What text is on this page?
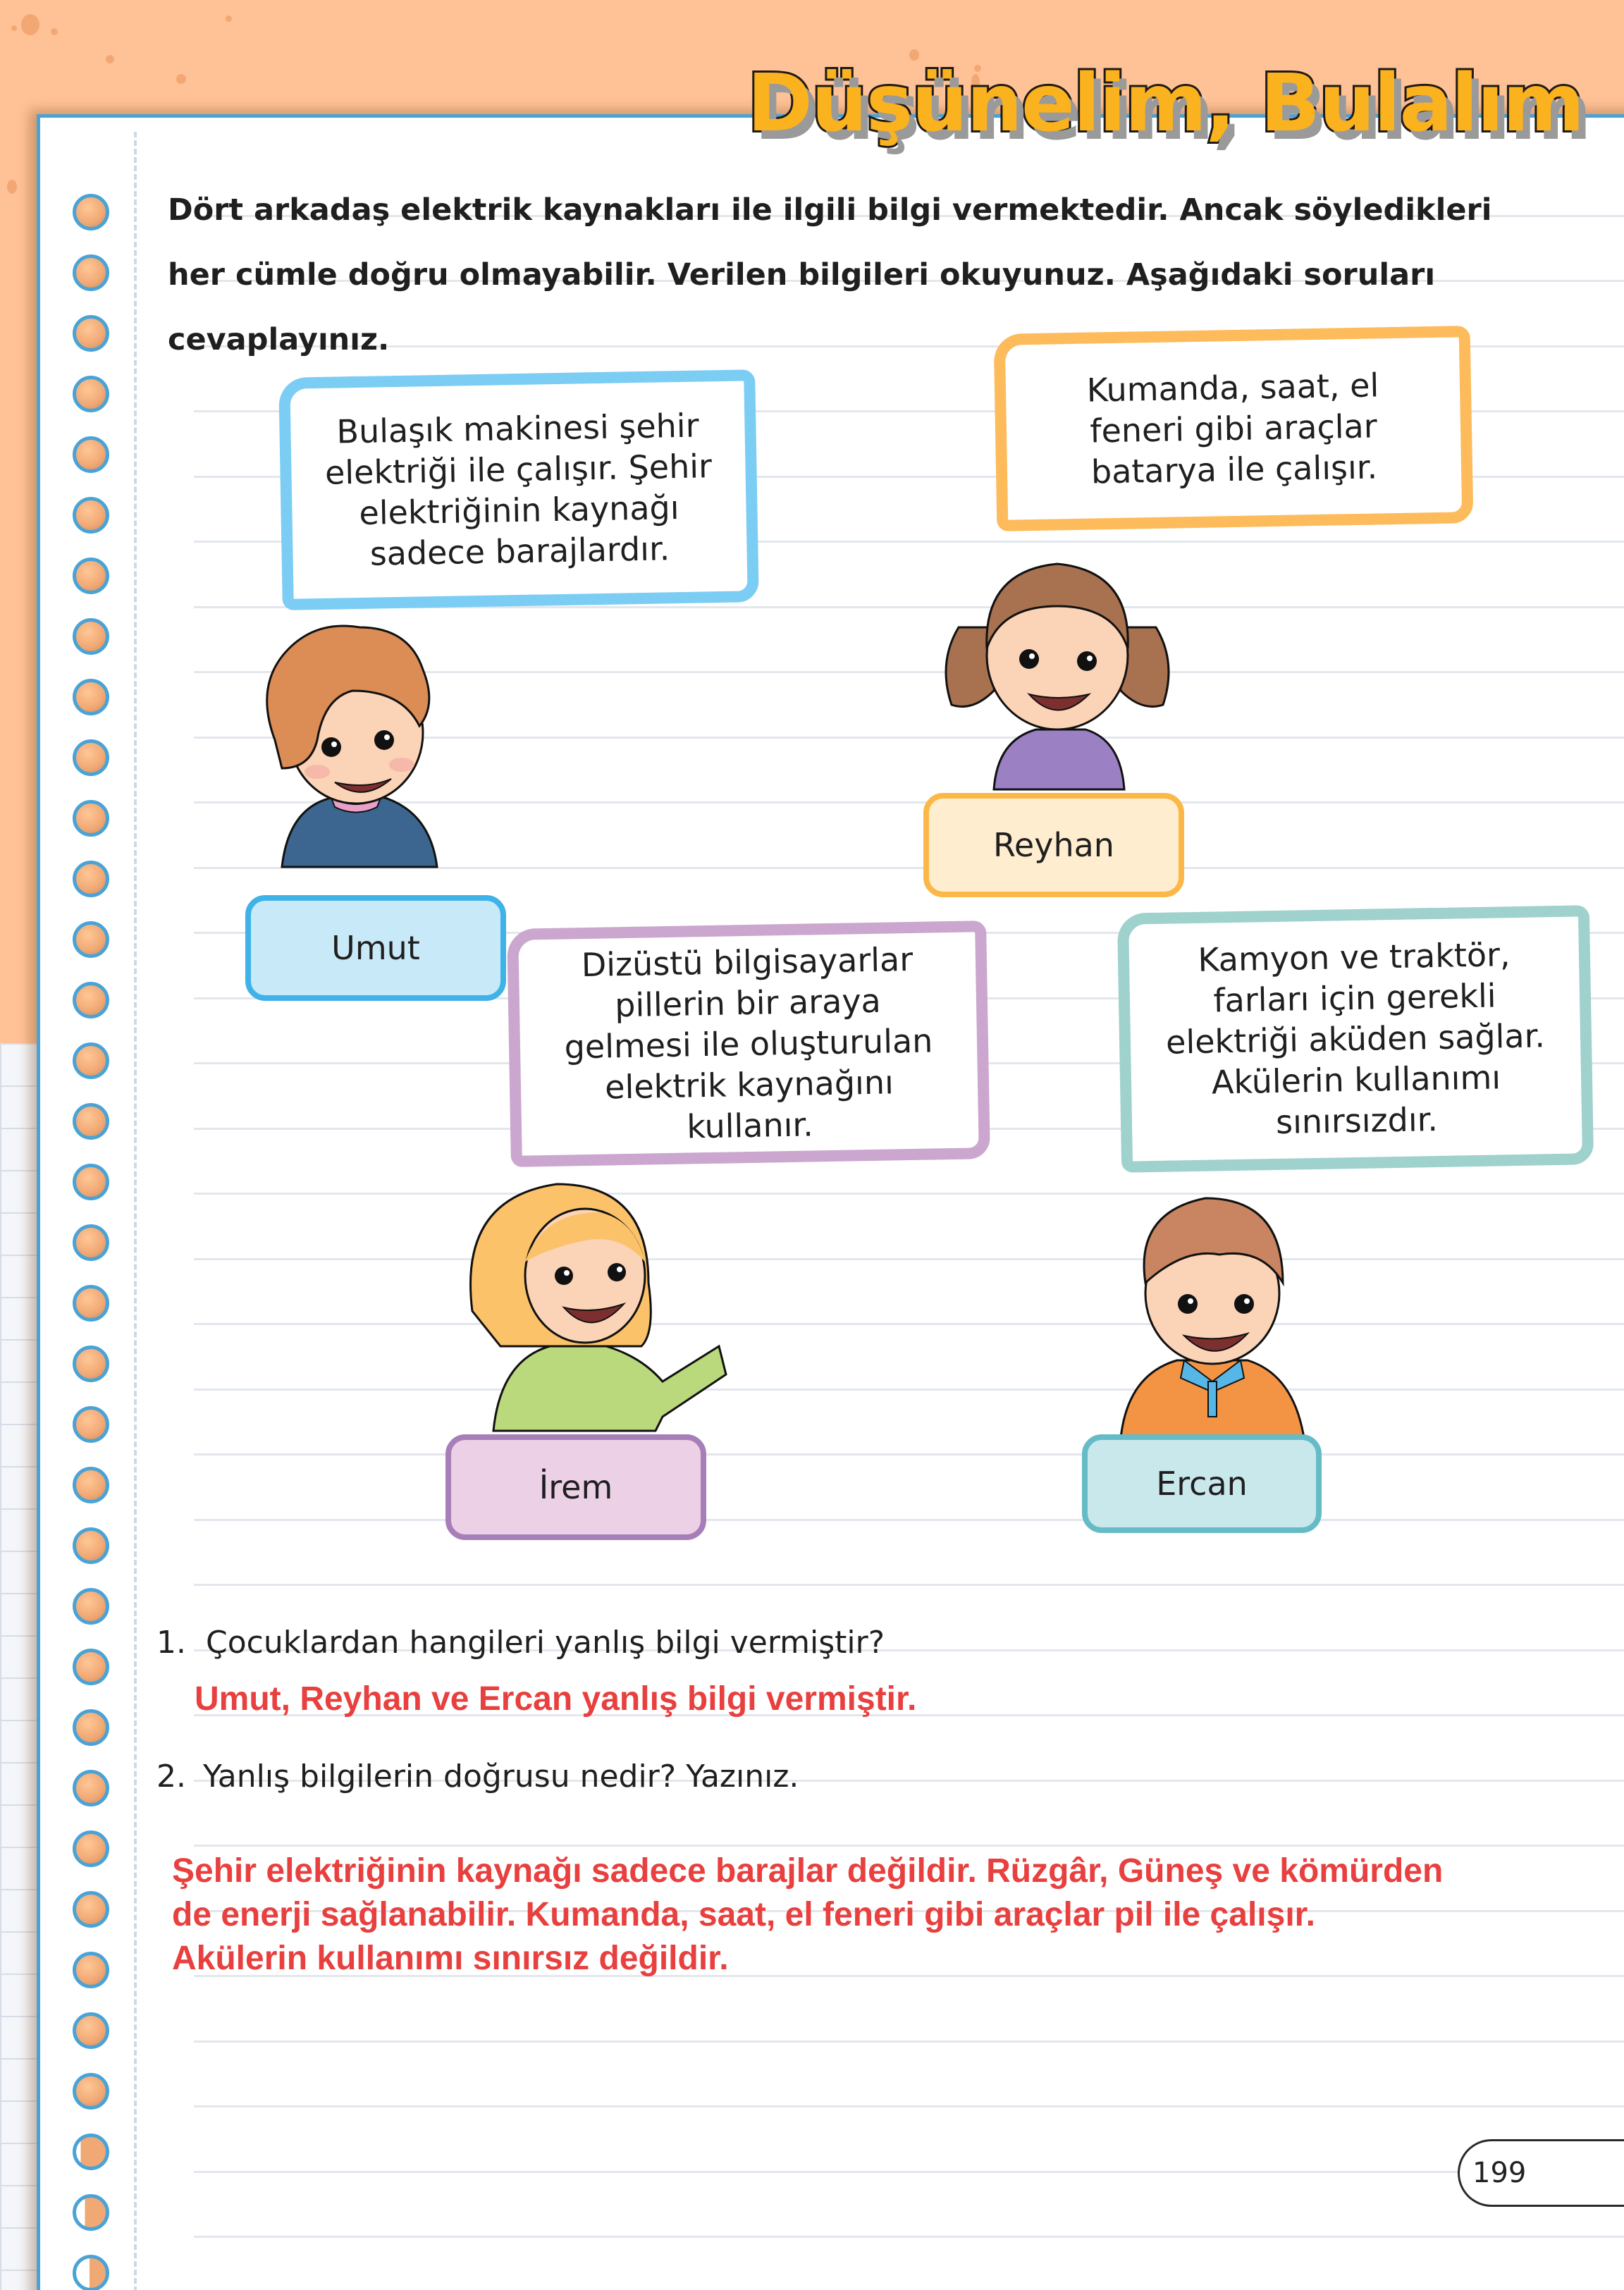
Düşünelim, Bulalım
Dört arkadaş elektrik kaynakları ile ilgili bilgi vermektedir. Ancak söyledikleri her cümle doğru olmayabilir. Verilen bilgileri okuyunuz. Aşağıdaki soruları cevaplayınız.
Bulaşık makinesi şehir
elektriği ile çalışır. Şehir
elektriğinin kaynağı
sadece barajlardır.
Umut
Kumanda, saat, el
feneri gibi araçlar
batarya ile çalışır.
Reyhan
Dizüstü bilgisayarlar
pillerin bir araya
gelmesi ile oluşturulan
elektrik kaynağını
kullanır.
İrem
Kamyon ve traktör,
farları için gerekli
elektriği aküden sağlar.
Akülerin kullanımı
sınırsızdır.
Ercan
1. Çocuklardan hangileri yanlış bilgi vermiştir?
Umut, Reyhan ve Ercan yanlış bilgi vermiştir.
2. Yanlış bilgilerin doğrusu nedir? Yazınız.
Şehir elektriğinin kaynağı sadece barajlar değildir. Rüzgâr, Güneş ve kömürden
de enerji sağlanabilir. Kumanda, saat, el feneri gibi araçlar pil ile çalışır.
Akülerin kullanımı sınırsız değildir.
199
